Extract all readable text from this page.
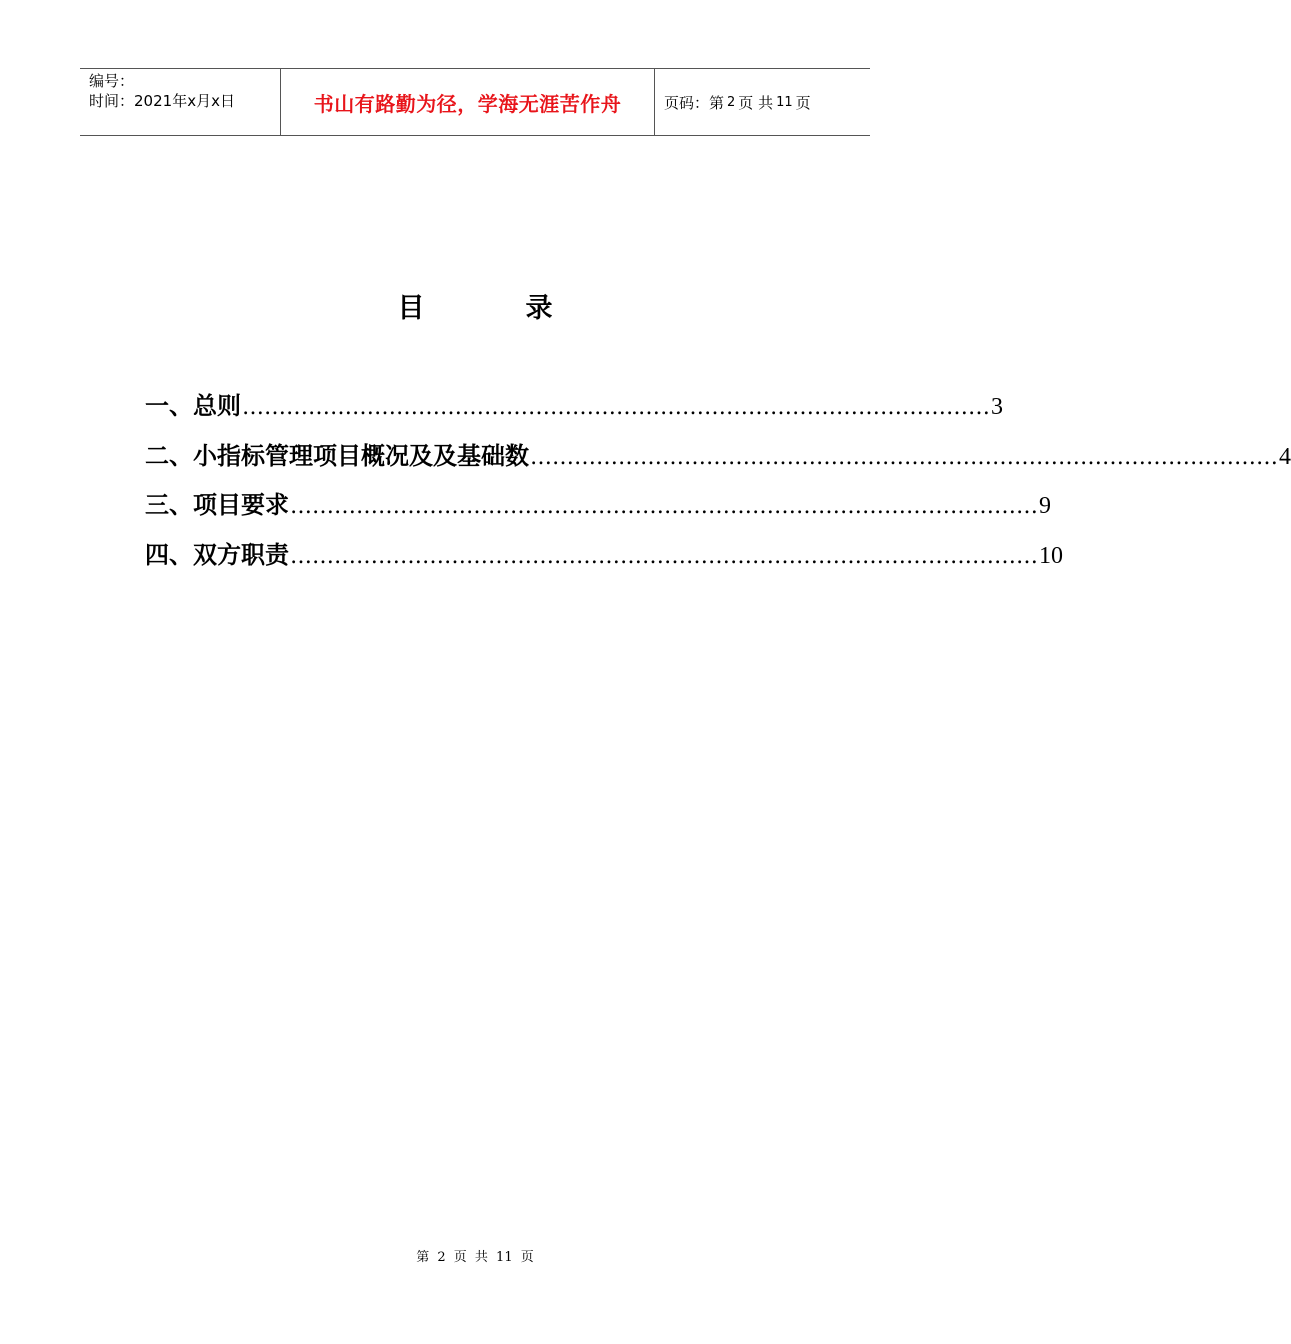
编号：
时间：2021年x月x日	书山有路勤为径，学海无涯苦作舟	页码：第 2 页 共 11 页
目	录
一、总则 ………………………………………………………………………………………… 3
二、小指标管理项目概况及及基础数 ………………………………………………………………………………………… 4
三、项目要求 ………………………………………………………………………………………… 9
四、双方职责 ………………………………………………………………………………………… 10
第 2 页 共 11 页
